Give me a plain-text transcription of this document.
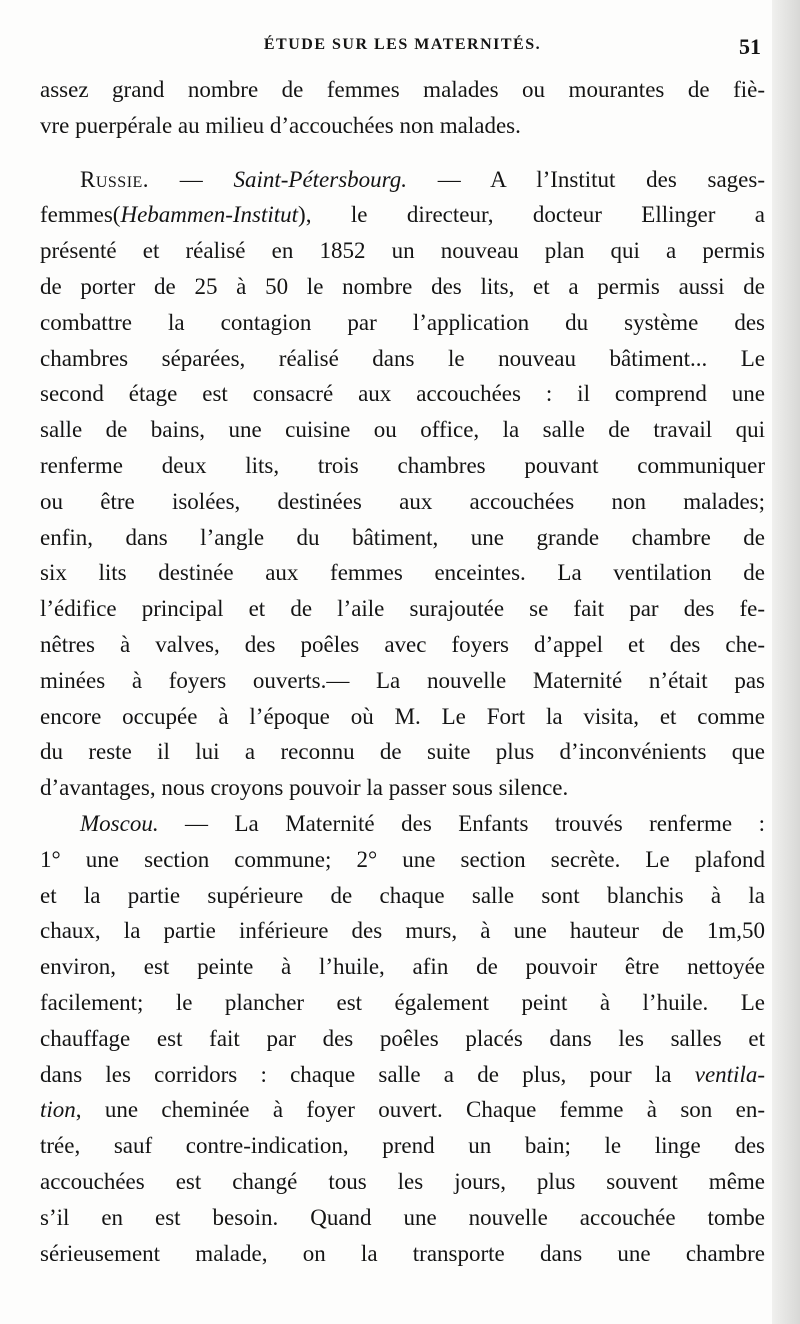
ÉTUDE SUR LES MATERNITÉS.	51
assez grand nombre de femmes malades ou mourantes de fiè-
vre puerpérale au milieu d’accouchées non malades.
Russie. — Saint-Pétersbourg. — A l’Institut des sages-
femmes(Hebammen-Institut), le directeur, docteur Ellinger a
présenté et réalisé en 1852 un nouveau plan qui a permis
de porter de 25 à 50 le nombre des lits, et a permis aussi de
combattre la contagion par l’application du système des
chambres séparées, réalisé dans le nouveau bâtiment... Le
second étage est consacré aux accouchées : il comprend une
salle de bains, une cuisine ou office, la salle de travail qui
renferme deux lits, trois chambres pouvant communiquer
ou être isolées, destinées aux accouchées non malades;
enfin, dans l’angle du bâtiment, une grande chambre de
six lits destinée aux femmes enceintes. La ventilation de
l’édifice principal et de l’aile surajoutée se fait par des fe-
nêtres à valves, des poêles avec foyers d’appel et des che-
minées à foyers ouverts.— La nouvelle Maternité n’était pas
encore occupée à l’époque où M. Le Fort la visita, et comme
du reste il lui a reconnu de suite plus d’inconvénients que
d’avantages, nous croyons pouvoir la passer sous silence.
Moscou. — La Maternité des Enfants trouvés renferme :
1° une section commune; 2° une section secrète. Le plafond
et la partie supérieure de chaque salle sont blanchis à la
chaux, la partie inférieure des murs, à une hauteur de 1m,50
environ, est peinte à l’huile, afin de pouvoir être nettoyée
facilement; le plancher est également peint à l’huile. Le
chauffage est fait par des poêles placés dans les salles et
dans les corridors : chaque salle a de plus, pour la ventila-
tion, une cheminée à foyer ouvert. Chaque femme à son en-
trée, sauf contre-indication, prend un bain; le linge des
accouchées est changé tous les jours, plus souvent même
s’il en est besoin. Quand une nouvelle accouchée tombe
sérieusement malade, on la transporte dans une chambre
